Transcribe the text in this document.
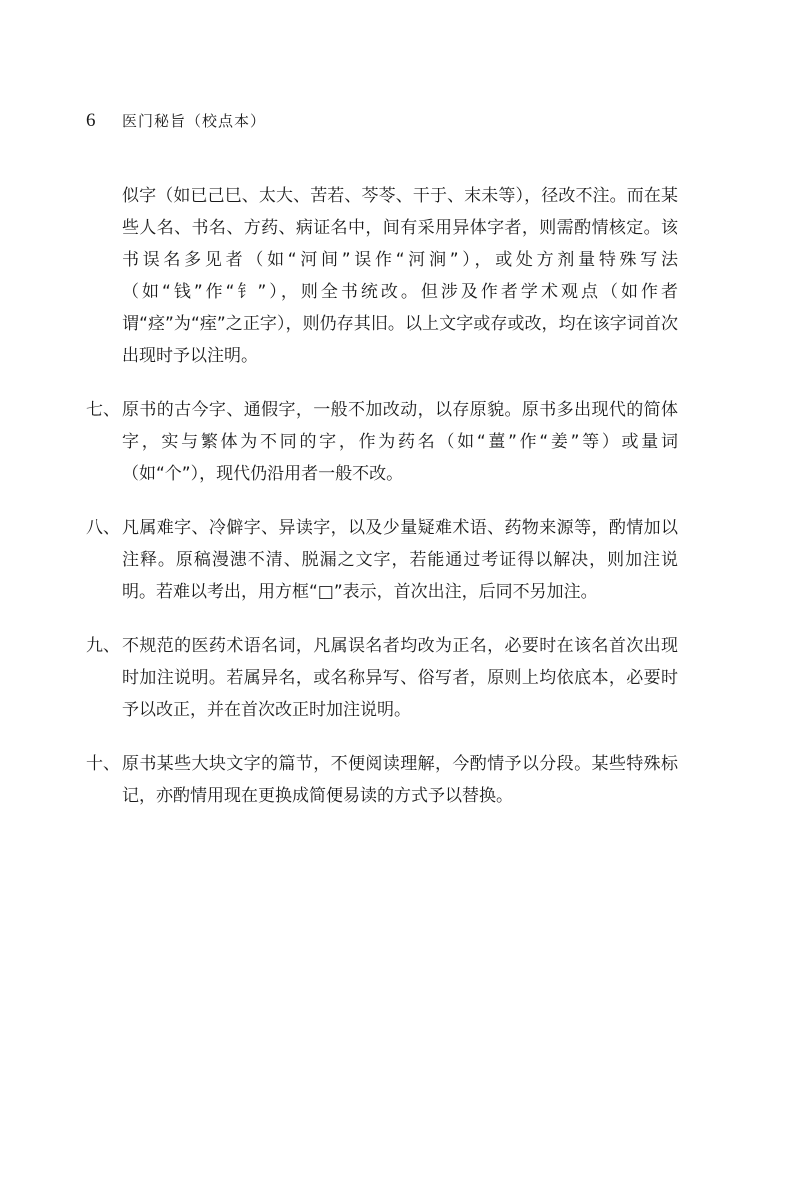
6	医门秘旨（校点本）

似字（如已己巳、太大、苦若、芩苓、干于、末未等），径改不注。而在某些人名、书名、方药、病证名中，间有采用异体字者，则需酌情核定。该书误名多见者（如“河间”误作“河涧”），或处方剂量特殊写法（如“钱”作“钅”），则全书统改。但涉及作者学术观点（如作者谓“痉”为“痓”之正字），则仍存其旧。以上文字或存或改，均在该字词首次出现时予以注明。

七、 原书的古今字、通假字，一般不加改动，以存原貌。原书多出现代的简体字，实与繁体为不同的字，作为药名（如“薑”作“姜”等）或量词（如“个”），现代仍沿用者一般不改。

八、 凡属难字、冷僻字、异读字，以及少量疑难术语、药物来源等，酌情加以注释。原稿漫漶不清、脱漏之文字，若能通过考证得以解决，则加注说明。若难以考出，用方框“□”表示，首次出注，后同不另加注。

九、 不规范的医药术语名词，凡属误名者均改为正名，必要时在该名首次出现时加注说明。若属异名，或名称异写、俗写者，原则上均依底本，必要时予以改正，并在首次改正时加注说明。

十、 原书某些大块文字的篇节，不便阅读理解，今酌情予以分段。某些特殊标记，亦酌情用现在更换成简便易读的方式予以替换。
